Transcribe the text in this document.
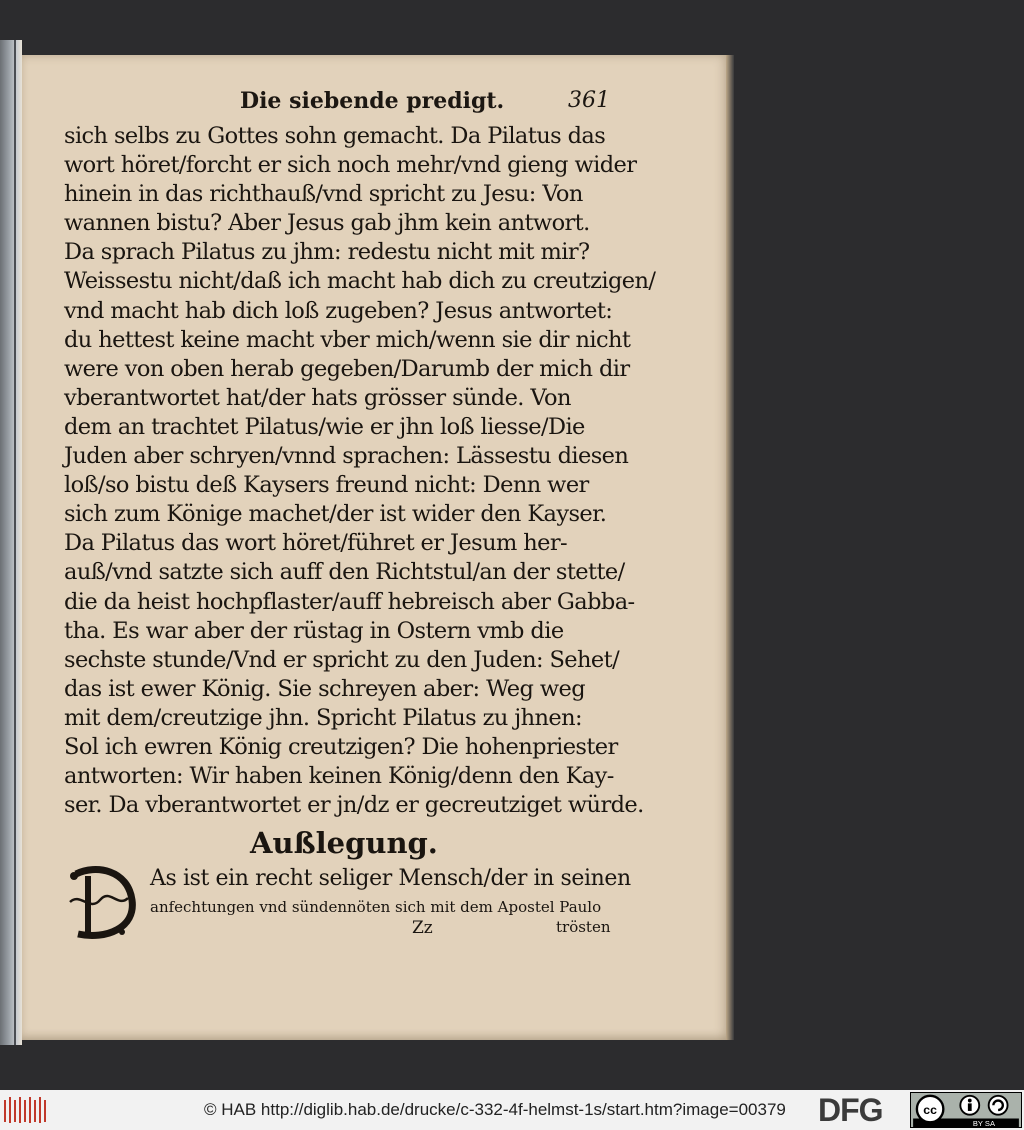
Die siebende predigt.	361
sich selbs zu Gottes sohn gemacht. Da Pilatus das
wort höret/forcht er sich noch mehr/vnd gieng wider
hinein in das richthauß/vnd spricht zu Jesu: Von
wannen bistu? Aber Jesus gab jhm kein antwort.
Da sprach Pilatus zu jhm: redestu nicht mit mir?
Weissestu nicht/daß ich macht hab dich zu creutzigen/
vnd macht hab dich loß zugeben? Jesus antwortet:
du hettest keine macht vber mich/wenn sie dir nicht
were von oben herab gegeben/Darumb der mich dir
vberantwortet hat/der hats grösser sünde. Von
dem an trachtet Pilatus/wie er jhn loß liesse/Die
Juden aber schryen/vnnd sprachen: Lässestu diesen
loß/so bistu deß Kaysers freund nicht: Denn wer
sich zum Könige machet/der ist wider den Kayser.
Da Pilatus das wort höret/führet er Jesum her-
auß/vnd satzte sich auff den Richtstul/an der stette/
die da heist hochpflaster/auff hebreisch aber Gabba-
tha. Es war aber der rüstag in Ostern vmb die
sechste stunde/Vnd er spricht zu den Juden: Sehet/
das ist ewer König. Sie schreyen aber: Weg weg
mit dem/creutzige jhn. Spricht Pilatus zu jhnen:
Sol ich ewren König creutzigen? Die hohenpriester
antworten: Wir haben keinen König/denn den Kay-
ser. Da vberantwortet er jn/dz er gecreutziget würde.
Außlegung.
As ist ein recht seliger Mensch/der in seinen
anfechtungen vnd sündennöten sich mit dem Apostel Paulo
Zz	trösten
© HAB http://diglib.hab.de/drucke/c-332-4f-helmst-1s/start.htm?image=00379 DFG	cc
BY SA
